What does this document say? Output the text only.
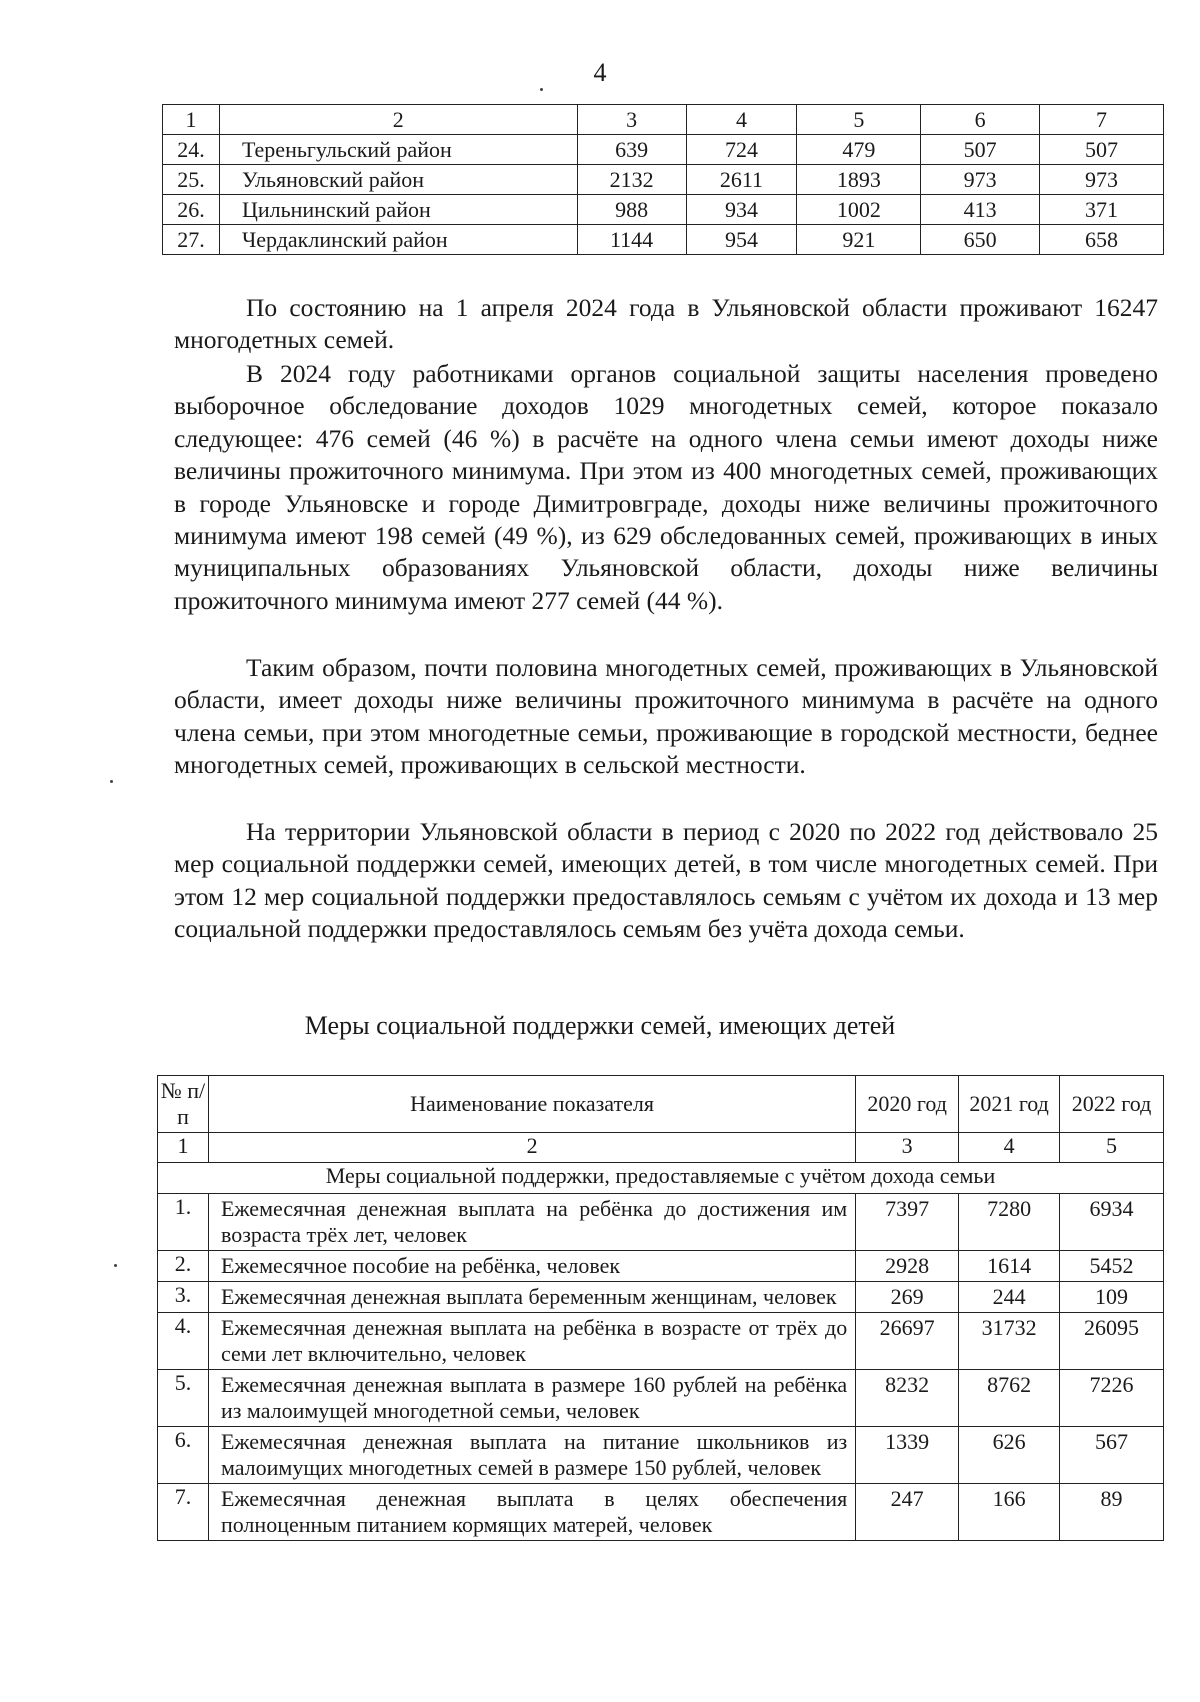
4
1	2	3	4	5	6	7
24.	Тереньгульский район	639	724	479	507	507
25.	Ульяновский район	2132	2611	1893	973	973
26.	Цильнинский район	988	934	1002	413	371
27.	Чердаклинский район	1144	954	921	650	658

По состоянию на 1 апреля 2024 года в Ульяновской области проживают 16247 многодетных семей.

В 2024 году работниками органов социальной защиты населения проведено выборочное обследование доходов 1029 многодетных семей, которое показало следующее: 476 семей (46 %) в расчёте на одного члена семьи имеют доходы ниже величины прожиточного минимума. При этом из 400 многодетных семей, проживающих в городе Ульяновске и городе Димитровграде, доходы ниже величины прожиточного минимума имеют 198 семей (49 %), из 629 обследованных семей, проживающих в иных муниципальных образованиях Ульяновской области, доходы ниже величины прожиточного минимума имеют 277 семей (44 %).

Таким образом, почти половина многодетных семей, проживающих в Ульяновской области, имеет доходы ниже величины прожиточного минимума в расчёте на одного члена семьи, при этом многодетные семьи, проживающие в городской местности, беднее многодетных семей, проживающих в сельской местности.

На территории Ульяновской области в период с 2020 по 2022 год действовало 25 мер социальной поддержки семей, имеющих детей, в том числе многодетных семей. При этом 12 мер социальной поддержки предоставлялось семьям с учётом их дохода и 13 мер социальной поддержки предоставлялось семьям без учёта дохода семьи.

Меры социальной поддержки семей, имеющих детей
№ п/п	Наименование показателя	2020 год	2021 год	2022 год
1	2	3	4	5
Меры социальной поддержки, предоставляемые с учётом дохода семьи				
1.	Ежемесячная денежная выплата на ребёнка до достижения им возраста трёх лет, человек	7397	7280	6934
2.	Ежемесячное пособие на ребёнка, человек	2928	1614	5452
3.	Ежемесячная денежная выплата беременным женщинам, человек	269	244	109
4.	Ежемесячная денежная выплата на ребёнка в возрасте от трёх до семи лет включительно, человек	26697	31732	26095
5.	Ежемесячная денежная выплата в размере 160 рублей на ребёнка из малоимущей многодетной семьи, человек	8232	8762	7226
6.	Ежемесячная денежная выплата на питание школьников из малоимущих многодетных семей в размере 150 рублей, человек	1339	626	567
7.	Ежемесячная денежная выплата в целях обеспечения полноценным питанием кормящих матерей, человек	247	166	89
